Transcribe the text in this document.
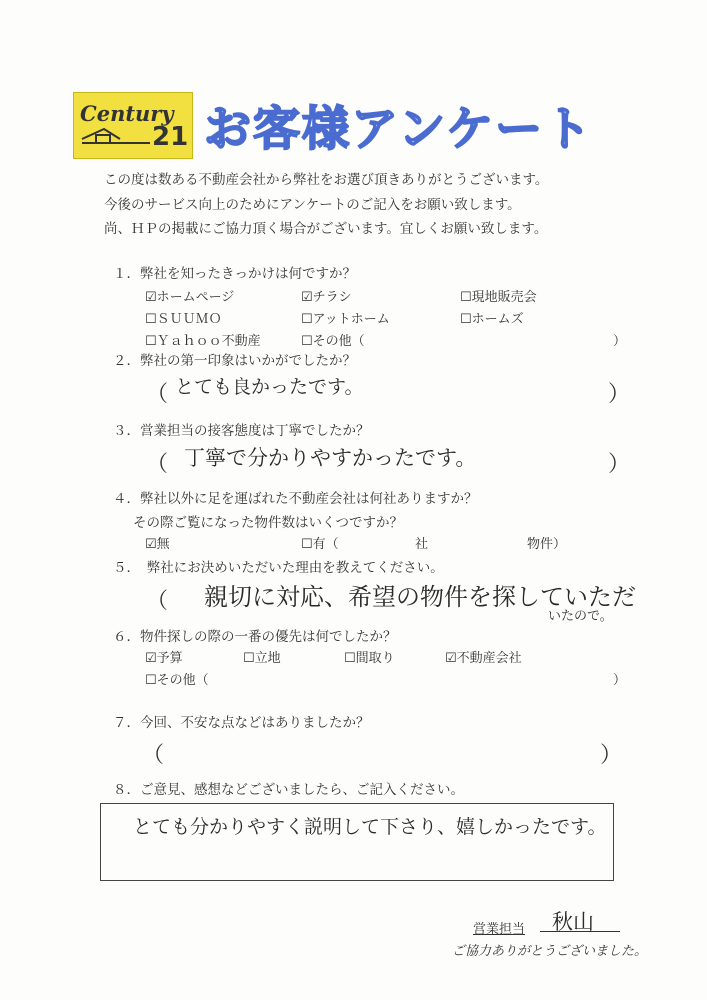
Century
21 お客様アンケート
この度は数ある不動産会社から弊社をお選び頂きありがとうございます。
今後のサービス向上のためにアンケートのご記入をお願い致します。
尚、ＨＰの掲載にご協力頂く場合がございます。宜しくお願い致します。
１．弊社を知ったきっかけは何ですか？
☑ホームページ	☑チラシ	☐現地販売会
☐ＳＵＵＭＯ	☐アットホーム	☐ホームズ
☐Ｙａｈｏｏ不動産	☐その他（	）
２．弊社の第一印象はいかがでしたか？
（ とても良かったです。	）
３．営業担当の接客態度は丁寧でしたか？
（ 丁寧で分かりやすかったです。	）
４．弊社以外に足を運ばれた不動産会社は何社ありますか？
その際ご覧になった物件数はいくつですか？
☑無	☐有（	社	物件）
５．　弊社にお決めいただいた理由を教えてください。
（ 親切に対応、希望の物件を探していただ
いたので。
６．物件探しの際の一番の優先は何でしたか？
☑予算	☐立地	☐間取り	☑不動産会社
☐その他（	）
７．今回、不安な点などはありましたか？
（	）
８．ご意見、感想などございましたら、ご記入ください。
とても分かりやすく説明して下さり、嬉しかったです。
営業担当 秋山
ご協力ありがとうございました。
